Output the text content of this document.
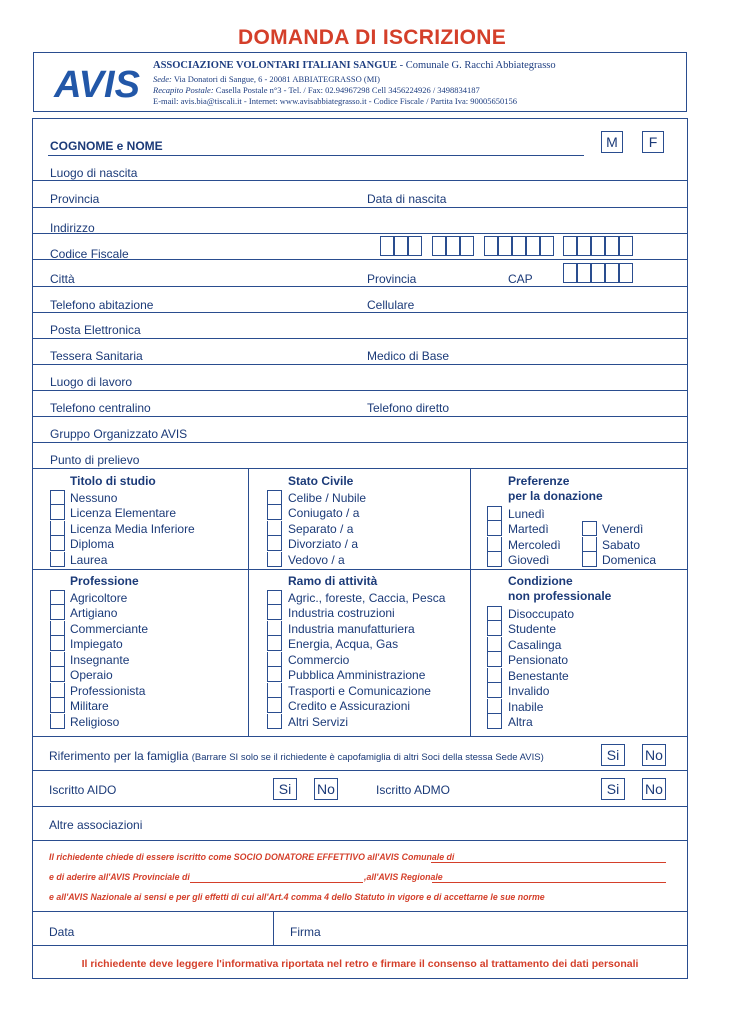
DOMANDA DI ISCRIZIONE
AVIS ASSOCIAZIONE VOLONTARI ITALIANI SANGUE - Comunale G. Racchi Abbiategrasso
Sede: Via Donatori di Sangue, 6 - 20081 ABBIATEGRASSO (MI)
Recapito Postale: Casella Postale n°3 - Tel. / Fax: 02.94967298 Cell 3456224926 / 3498834187
E-mail: avis.bia@tiscali.it - Internet: www.avisabbiategrasso.it - Codice Fiscale / Partita Iva: 90005650156
COGNOME e NOME	M	F
Luogo di nascita
Provincia	Data di nascita
Indirizzo
Codice Fiscale
Città	Provincia	CAP
Telefono abitazione	Cellulare
Posta Elettronica
Tessera Sanitaria	Medico di Base
Luogo di lavoro
Telefono centralino	Telefono diretto
Gruppo Organizzato AVIS
Punto di prelievo
Titolo di studio
Nessuno
Licenza Elementare
Licenza Media Inferiore
Diploma
Laurea
Stato Civile
Celibe / Nubile
Coniugato / a
Separato / a
Divorziato / a
Vedovo / a
Preferenze
per la donazione
Lunedì
Martedì
Mercoledì
Giovedì
Venerdì
Sabato
Domenica
Professione
Agricoltore
Artigiano
Commerciante
Impiegato
Insegnante
Operaio
Professionista
Militare
Religioso
Ramo di attività
Agric., foreste, Caccia, Pesca
Industria costruzioni
Industria manufatturiera
Energia, Acqua, Gas
Commercio
Pubblica Amministrazione
Trasporti e Comunicazione
Credito e Assicurazioni
Altri Servizi
Condizione
non professionale
Disoccupato
Studente
Casalinga
Pensionato
Benestante
Invalido
Inabile
Altra
Riferimento per la famiglia (Barrare SI solo se il richiedente è capofamiglia di altri Soci della stessa Sede AVIS)	Si	No
Iscritto AIDO	Si	No	Iscritto ADMO	Si	No
Altre associazioni
Il richiedente chiede di essere iscritto come SOCIO DONATORE EFFETTIVO all'AVIS Comunale di
e di aderire all'AVIS Provinciale di	,all'AVIS Regionale
e all'AVIS Nazionale ai sensi e per gli effetti di cui all'Art.4 comma 4 dello Statuto in vigore e di accettarne le sue norme
Data	Firma
Il richiedente deve leggere l'informativa riportata nel retro e firmare il consenso al trattamento dei dati personali
